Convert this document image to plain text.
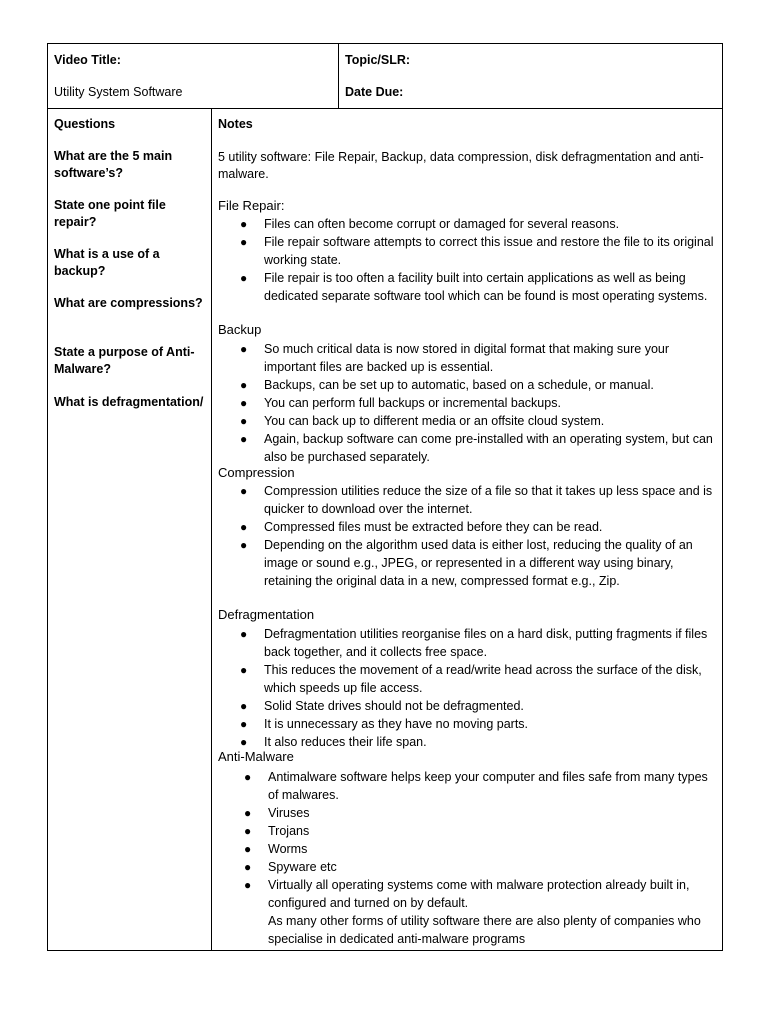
Video Title:
Utility System Software
Topic/SLR:
Date Due:
Questions
What are the 5 main software’s?
State one point file repair?
What is a use of a backup?
What are compressions?
State a purpose of Anti-Malware?
What is defragmentation/
Notes
5 utility software: File Repair, Backup, data compression, disk defragmentation and anti-malware.
File Repair:
● Files can often become corrupt or damaged for several reasons.
● File repair software attempts to correct this issue and restore the file to its original working state.
● File repair is too often a facility built into certain applications as well as being dedicated separate software tool which can be found is most operating systems.
Backup
● So much critical data is now stored in digital format that making sure your important files are backed up is essential.
● Backups, can be set up to automatic, based on a schedule, or manual.
● You can perform full backups or incremental backups.
● You can back up to different media or an offsite cloud system.
● Again, backup software can come pre-installed with an operating system, but can also be purchased separately.
Compression
● Compression utilities reduce the size of a file so that it takes up less space and is quicker to download over the internet.
● Compressed files must be extracted before they can be read.
● Depending on the algorithm used data is either lost, reducing the quality of an image or sound e.g., JPEG, or represented in a different way using binary, retaining the original data in a new, compressed format e.g., Zip.
Defragmentation
● Defragmentation utilities reorganise files on a hard disk, putting fragments if files back together, and it collects free space.
● This reduces the movement of a read/write head across the surface of the disk, which speeds up file access.
● Solid State drives should not be defragmented.
● It is unnecessary as they have no moving parts.
● It also reduces their life span.
Anti-Malware
● Antimalware software helps keep your computer and files safe from many types of malwares.
● Viruses
● Trojans
● Worms
● Spyware etc
● Virtually all operating systems come with malware protection already built in, configured and turned on by default.
As many other forms of utility software there are also plenty of companies who specialise in dedicated anti-malware programs
